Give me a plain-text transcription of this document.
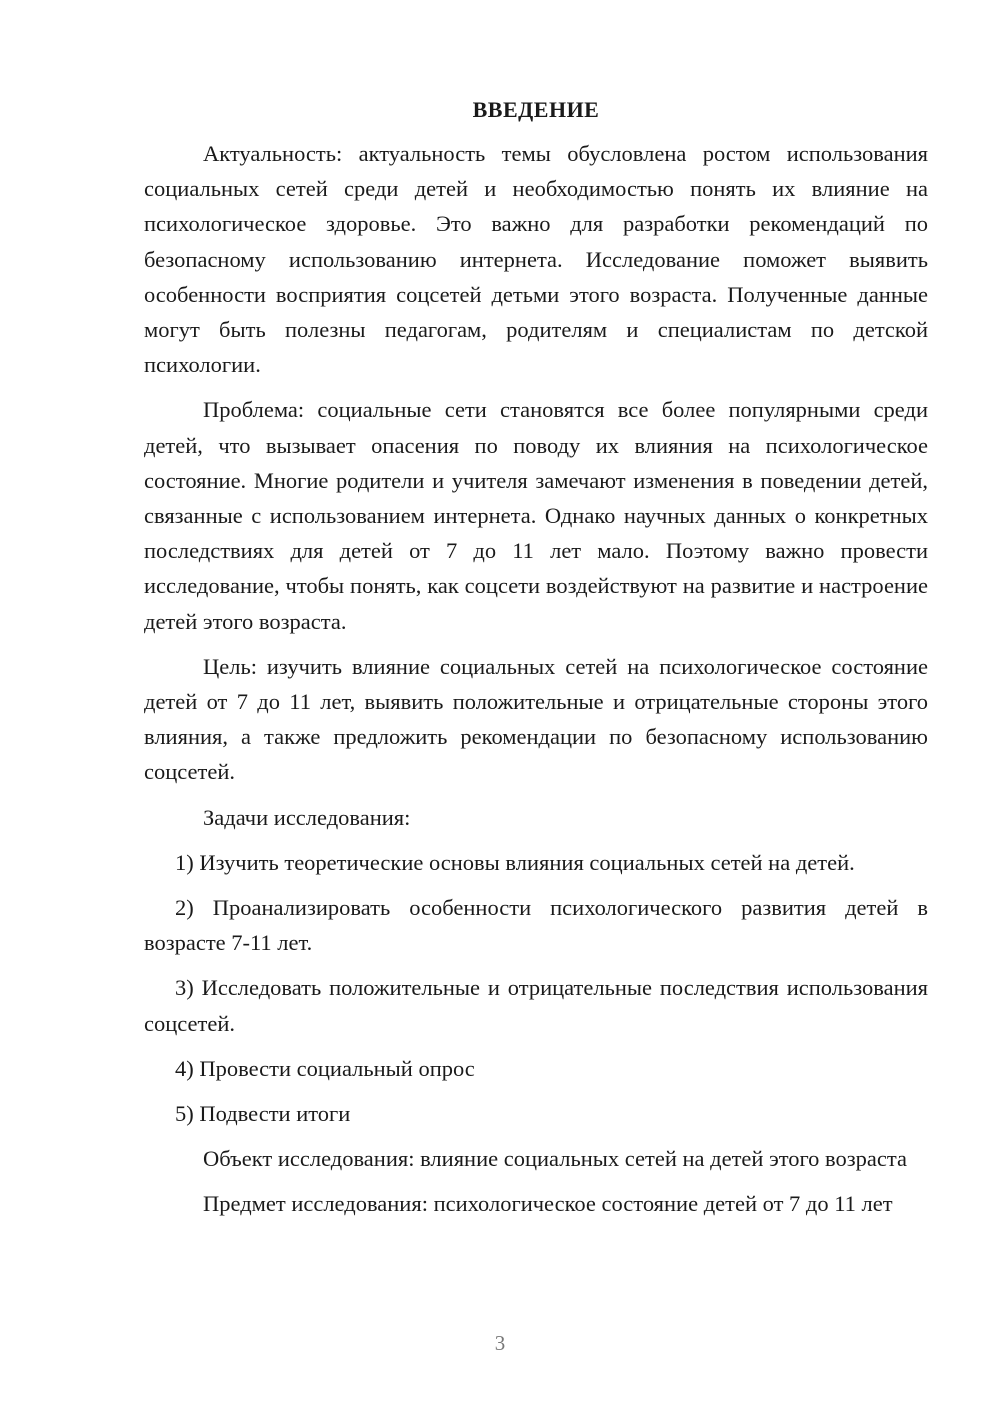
ВВЕДЕНИЕ

Актуальность: актуальность темы обусловлена ростом использования социальных сетей среди детей и необходимостью понять их влияние на психологическое здоровье. Это важно для разработки рекомендаций по безопасному использованию интернета. Исследование поможет выявить особенности восприятия соцсетей детьми этого возраста. Полученные данные могут быть полезны педагогам, родителям и специалистам по детской психологии.

Проблема: социальные сети становятся все более популярными среди детей, что вызывает опасения по поводу их влияния на психологическое состояние. Многие родители и учителя замечают изменения в поведении детей, связанные с использованием интернета. Однако научных данных о конкретных последствиях для детей от 7 до 11 лет мало. Поэтому важно провести исследование, чтобы понять, как соцсети воздействуют на развитие и настроение детей этого возраста.

Цель: изучить влияние социальных сетей на психологическое состояние детей от 7 до 11 лет, выявить положительные и отрицательные стороны этого влияния, а также предложить рекомендации по безопасному использованию соцсетей.

Задачи исследования:

1) Изучить теоретические основы влияния социальных сетей на детей.

2) Проанализировать особенности психологического развития детей в возрасте 7-11 лет.

3) Исследовать положительные и отрицательные последствия использования соцсетей.

4) Провести социальный опрос

5) Подвести итоги

Объект исследования: влияние социальных сетей на детей этого возраста

Предмет исследования: психологическое состояние детей от 7 до 11 лет

3
